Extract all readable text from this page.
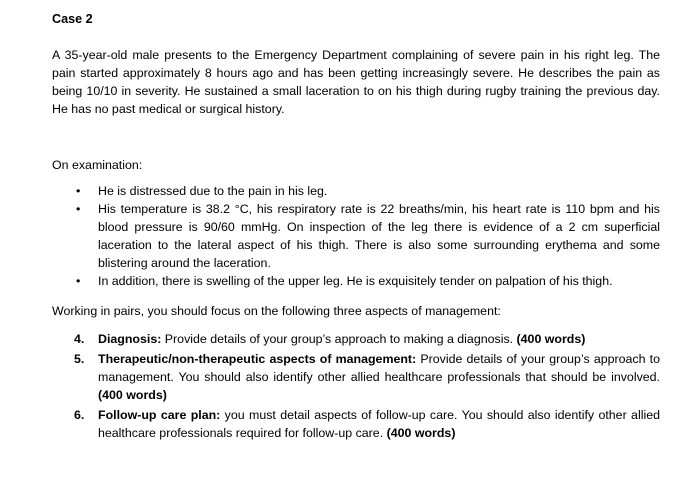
Case 2

A 35-year-old male presents to the Emergency Department complaining of severe pain in his right leg. The pain started approximately 8 hours ago and has been getting increasingly severe. He describes the pain as being 10/10 in severity. He sustained a small laceration to on his thigh during rugby training the previous day. He has no past medical or surgical history.

On examination:
• He is distressed due to the pain in his leg.
• His temperature is 38.2 °C, his respiratory rate is 22 breaths/min, his heart rate is 110 bpm and his blood pressure is 90/60 mmHg. On inspection of the leg there is evidence of a 2 cm superficial laceration to the lateral aspect of his thigh. There is also some surrounding erythema and some blistering around the laceration.
• In addition, there is swelling of the upper leg. He is exquisitely tender on palpation of his thigh.

Working in pairs, you should focus on the following three aspects of management:

4. Diagnosis: Provide details of your group’s approach to making a diagnosis. (400 words)
5. Therapeutic/non-therapeutic aspects of management: Provide details of your group’s approach to management. You should also identify other allied healthcare professionals that should be involved. (400 words)
6. Follow-up care plan: you must detail aspects of follow-up care. You should also identify other allied healthcare professionals required for follow-up care. (400 words)
